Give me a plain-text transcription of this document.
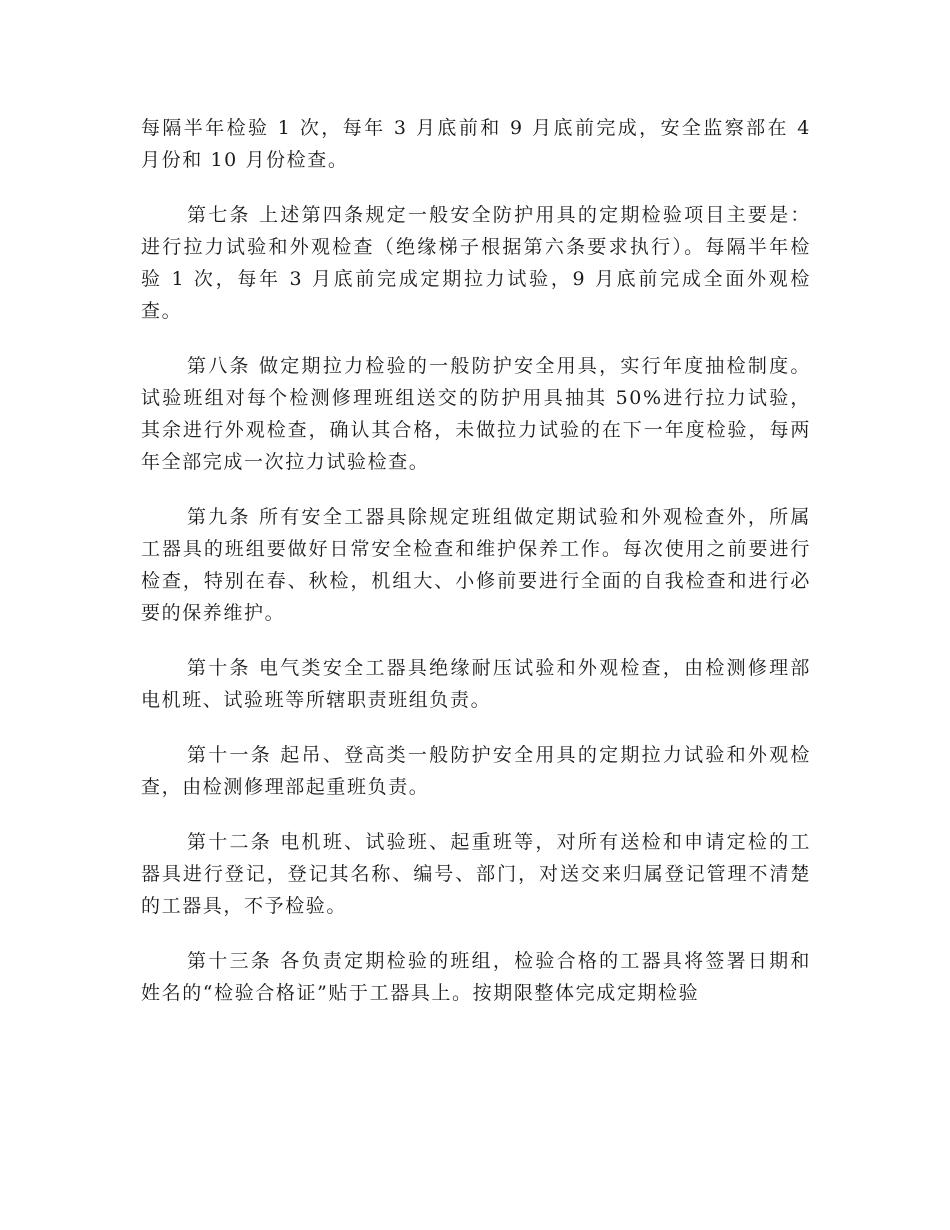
每隔半年检验 1 次，每年 3 月底前和 9 月底前完成，安全监察部在 4 月份和 10 月份检查。

第七条 上述第四条规定一般安全防护用具的定期检验项目主要是：进行拉力试验和外观检查（绝缘梯子根据第六条要求执行）。每隔半年检验 1 次，每年 3 月底前完成定期拉力试验，9 月底前完成全面外观检查。

第八条 做定期拉力检验的一般防护安全用具，实行年度抽检制度。试验班组对每个检测修理班组送交的防护用具抽其 50%进行拉力试验，其余进行外观检查，确认其合格，未做拉力试验的在下一年度检验，每两年全部完成一次拉力试验检查。

第九条 所有安全工器具除规定班组做定期试验和外观检查外，所属工器具的班组要做好日常安全检查和维护保养工作。每次使用之前要进行检查，特别在春、秋检，机组大、小修前要进行全面的自我检查和进行必要的保养维护。

第十条 电气类安全工器具绝缘耐压试验和外观检查，由检测修理部电机班、试验班等所辖职责班组负责。

第十一条 起吊、登高类一般防护安全用具的定期拉力试验和外观检查，由检测修理部起重班负责。

第十二条 电机班、试验班、起重班等，对所有送检和申请定检的工器具进行登记，登记其名称、编号、部门，对送交来归属登记管理不清楚的工器具，不予检验。

第十三条 各负责定期检验的班组，检验合格的工器具将签署日期和姓名的“检验合格证”贴于工器具上。按期限整体完成定期检验
